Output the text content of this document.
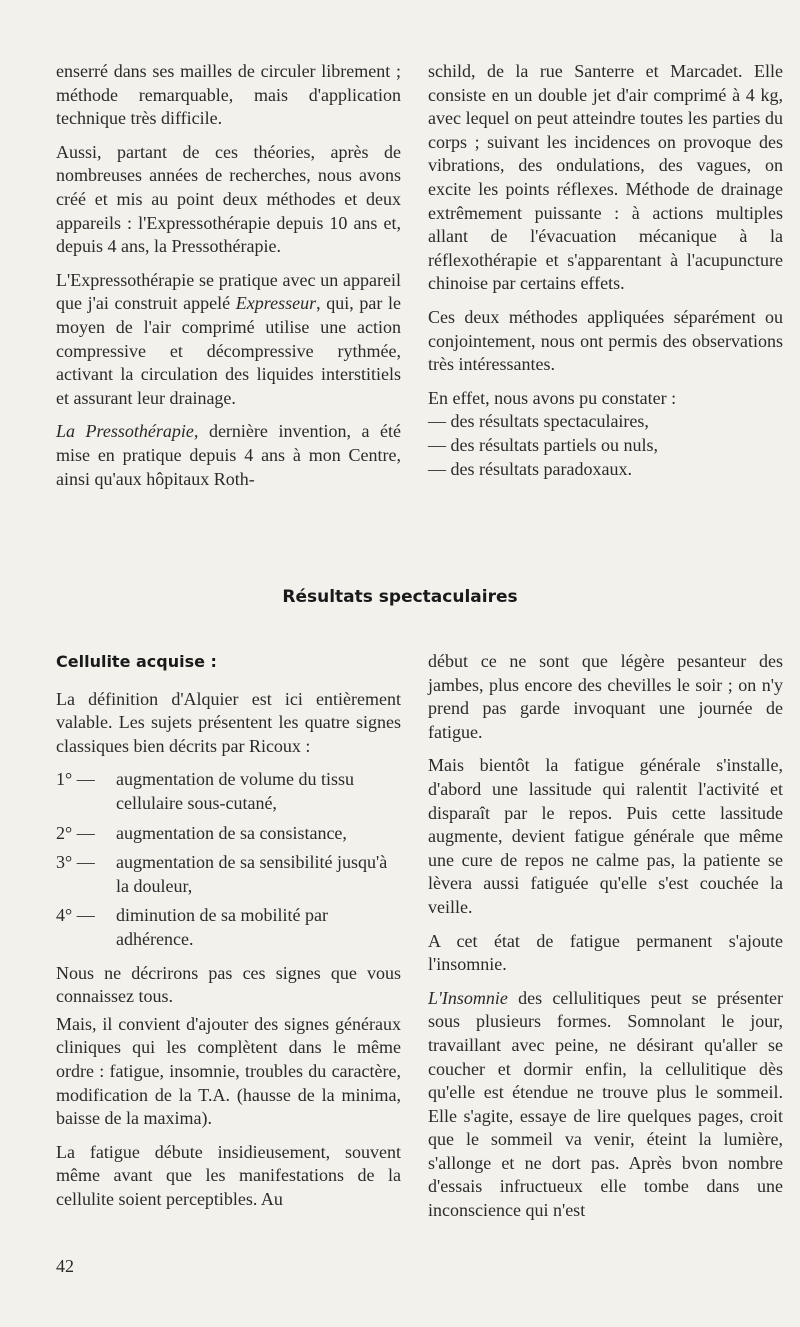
enserré dans ses mailles de circuler librement ; méthode remarquable, mais d'application technique très difficile.

Aussi, partant de ces théories, après de nombreuses années de recherches, nous avons créé et mis au point deux méthodes et deux appareils : l'Expressothérapie depuis 10 ans et, depuis 4 ans, la Pressothérapie.

L'Expressothérapie se pratique avec un appareil que j'ai construit appelé Expresseur, qui, par le moyen de l'air comprimé utilise une action compressive et décompressive rythmée, activant la circulation des liquides interstitiels et assurant leur drainage.

La Pressothérapie, dernière invention, a été mise en pratique depuis 4 ans à mon Centre, ainsi qu'aux hôpitaux Roth-

schild, de la rue Santerre et Marcadet. Elle consiste en un double jet d'air comprimé à 4 kg, avec lequel on peut atteindre toutes les parties du corps ; suivant les incidences on provoque des vibrations, des ondulations, des vagues, on excite les points réflexes. Méthode de drainage extrêmement puissante : à actions multiples allant de l'évacuation mécanique à la réflexothérapie et s'apparentant à l'acupuncture chinoise par certains effets.

Ces deux méthodes appliquées séparément ou conjointement, nous ont permis des observations très intéressantes.

En effet, nous avons pu constater :

— des résultats spectaculaires,
— des résultats partiels ou nuls,
— des résultats paradoxaux.
Résultats spectaculaires
Cellulite acquise :

La définition d'Alquier est ici entièrement valable. Les sujets présentent les quatre signes classiques bien décrits par Ricoux :

1° —	augmentation de volume du tissu cellulaire sous-cutané,
2° —	augmentation de sa consistance,
3° —	augmentation de sa sensibilité jusqu'à la douleur,
4° —	diminution de sa mobilité par adhérence.

Nous ne décrirons pas ces signes que vous connaissez tous.

Mais, il convient d'ajouter des signes généraux cliniques qui les complètent dans le même ordre : fatigue, insomnie, troubles du caractère, modification de la T.A. (hausse de la minima, baisse de la maxima).

La fatigue débute insidieusement, souvent même avant que les manifestations de la cellulite soient perceptibles. Au

début ce ne sont que légère pesanteur des jambes, plus encore des chevilles le soir ; on n'y prend pas garde invoquant une journée de fatigue.

Mais bientôt la fatigue générale s'installe, d'abord une lassitude qui ralentit l'activité et disparaît par le repos. Puis cette lassitude augmente, devient fatigue générale que même une cure de repos ne calme pas, la patiente se lèvera aussi fatiguée qu'elle s'est couchée la veille.

A cet état de fatigue permanent s'ajoute l'insomnie.

L'Insomnie des cellulitiques peut se présenter sous plusieurs formes. Somnolant le jour, travaillant avec peine, ne désirant qu'aller se coucher et dormir enfin, la cellulitique dès qu'elle est étendue ne trouve plus le sommeil. Elle s'agite, essaye de lire quelques pages, croit que le sommeil va venir, éteint la lumière, s'allonge et ne dort pas. Après bvon nombre d'essais infructueux elle tombe dans une inconscience qui n'est

42
